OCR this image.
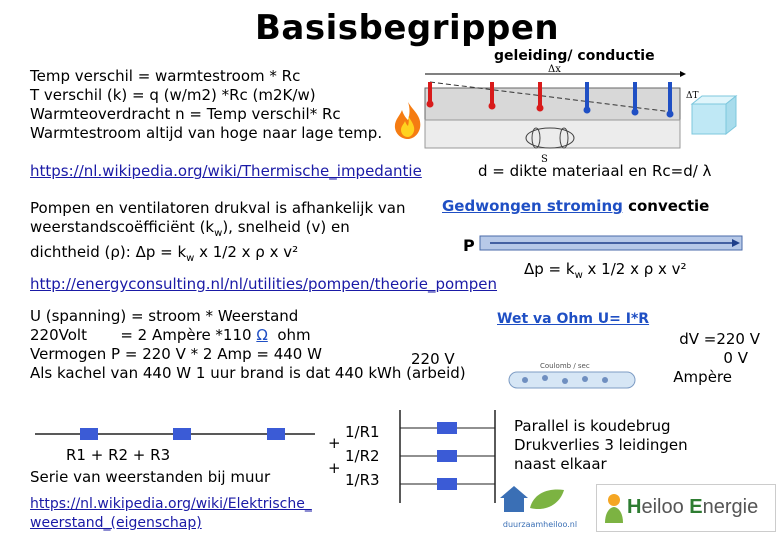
Basisbegrippen
geleiding/ conductie
Δx
ΔT
S
Temp verschil = warmtestroom * Rc
T verschil (k) = q (w/m2) *Rc (m2K/w)
Warmteoverdracht n = Temp verschil* Rc
Warmtestroom altijd van hoge naar lage temp.
https://nl.wikipedia.org/wiki/Thermische_impedantie	d = dikte materiaal en Rc=d/ λ
Pompen en ventilatoren drukval is afhankelijk van
weerstandscoëfficiënt $(k_w)$, snelheid (v) en
dichtheid (ρ): $\Delta p = k_w$ x 1/2 x ρ x v²
Gedwongen stroming convectie
P
$\Delta p = k_w$ x 1/2 x ρ x v²
http://energyconsulting.nl/nl/utilities/pompen/theorie_pompen
U (spanning) = stroom * Weerstand
220Volt       = 2 Ampère *110 Ω  ohm
Vermogen P = 220 V * 2 Amp = 440 W
Als kachel van 440 W 1 uur brand is dat 440 kWh (arbeid)
220 V
Wet va Ohm U= I*R
Coulomb / sec
dV =220 V
0 V
Ampère
R1 + R2 + R3
Serie van weerstanden bij muur
https://nl.wikipedia.org/wiki/Elektrische_
weerstand_(eigenschap)
+
+
1/R1
1/R2
1/R3
Parallel is koudebrug
Drukverlies 3 leidingen
naast elkaar
duurzaamheiloo.nl
Heiloo Energie
